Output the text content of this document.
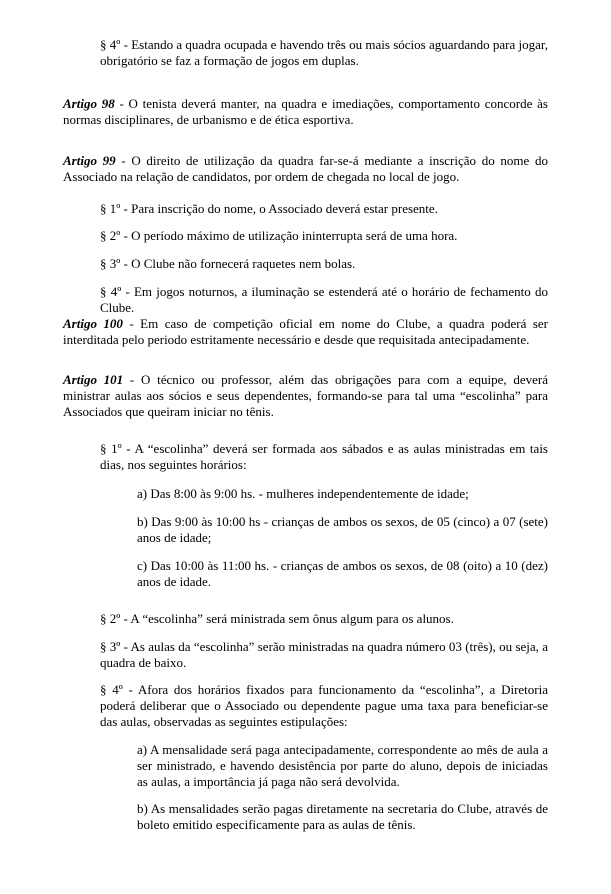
§ 4º - Estando a quadra ocupada e havendo três ou mais sócios aguardando para jogar, obrigatório se faz a formação de jogos em duplas.

Artigo 98 - O tenista deverá manter, na quadra e imediações, comportamento concorde às normas disciplinares, de urbanismo e de ética esportiva.

Artigo 99 - O direito de utilização da quadra far-se-á mediante a inscrição do nome do Associado na relação de candidatos, por ordem de chegada no local de jogo.

§ 1º - Para inscrição do nome, o Associado deverá estar presente.

§ 2º - O período máximo de utilização ininterrupta será de uma hora.

§ 3º - O Clube não fornecerá raquetes nem bolas.

§ 4º - Em jogos noturnos, a iluminação se estenderá até o horário de fechamento do Clube.

Artigo 100 - Em caso de competição oficial em nome do Clube, a quadra poderá ser interditada pelo periodo estritamente necessário e desde que requisitada antecipadamente.

Artigo 101 - O técnico ou professor, além das obrigações para com a equipe, deverá ministrar aulas aos sócios e seus dependentes, formando-se para tal uma “escolinha” para Associados que queiram iniciar no tênis.

§ 1º - A “escolinha” deverá ser formada aos sábados e as aulas ministradas em tais dias, nos seguintes horários:

a) Das 8:00 às 9:00 hs. - mulheres independentemente de idade;

b) Das 9:00 às 10:00 hs - crianças de ambos os sexos, de 05 (cinco) a 07 (sete) anos de idade;

c) Das 10:00 às 11:00 hs. - crianças de ambos os sexos, de 08 (oito) a 10 (dez) anos de idade.

§ 2º - A “escolinha” será ministrada sem ônus algum para os alunos.

§ 3º - As aulas da “escolinha” serão ministradas na quadra número 03 (três), ou seja, a quadra de baixo.

§ 4º - Afora dos horários fixados para funcionamento da “escolinha”, a Diretoria poderá deliberar que o Associado ou dependente pague uma taxa para beneficiar-se das aulas, observadas as seguintes estipulações:

a) A mensalidade será paga antecipadamente, correspondente ao mês de aula a ser ministrado, e havendo desistência por parte do aluno, depois de iniciadas as aulas, a importância já paga não será devolvida.

b) As mensalidades serão pagas diretamente na secretaria do Clube, através de boleto emitido especificamente para as aulas de tênis.
